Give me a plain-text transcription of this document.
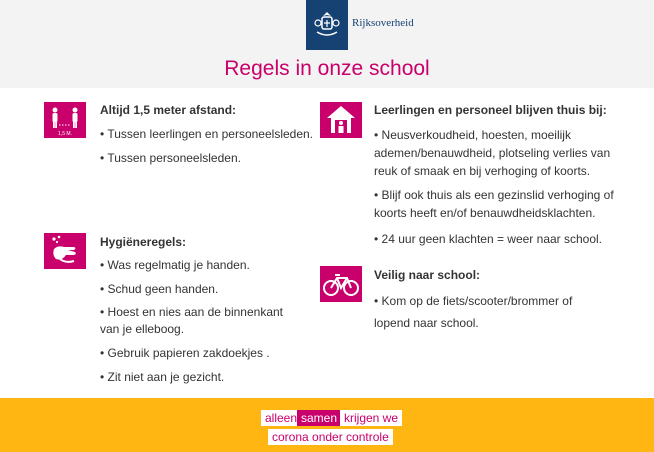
Rijksoverheid
Regels in onze school
1,5 M.
Altijd 1,5 meter afstand:
• Tussen leerlingen en personeelsleden.
• Tussen personeelsleden.
Hygiëneregels:
• Was regelmatig je handen.
• Schud geen handen.
• Hoest en nies aan de binnenkant
van je elleboog.
• Gebruik papieren zakdoekjes .
• Zit niet aan je gezicht.
Leerlingen en personeel blijven thuis bij:
• Neusverkoudheid, hoesten, moeilijk
ademen/benauwdheid, plotseling verlies van
reuk of smaak en bij verhoging of koorts.
• Blijf ook thuis als een gezinslid verhoging of
koorts heeft en/of benauwdheidsklachten.
• 24 uur geen klachten = weer naar school.
Veilig naar school:
• Kom op de fiets/scooter/brommer of
lopend naar school.
alleen samen krijgen we
corona onder controle
